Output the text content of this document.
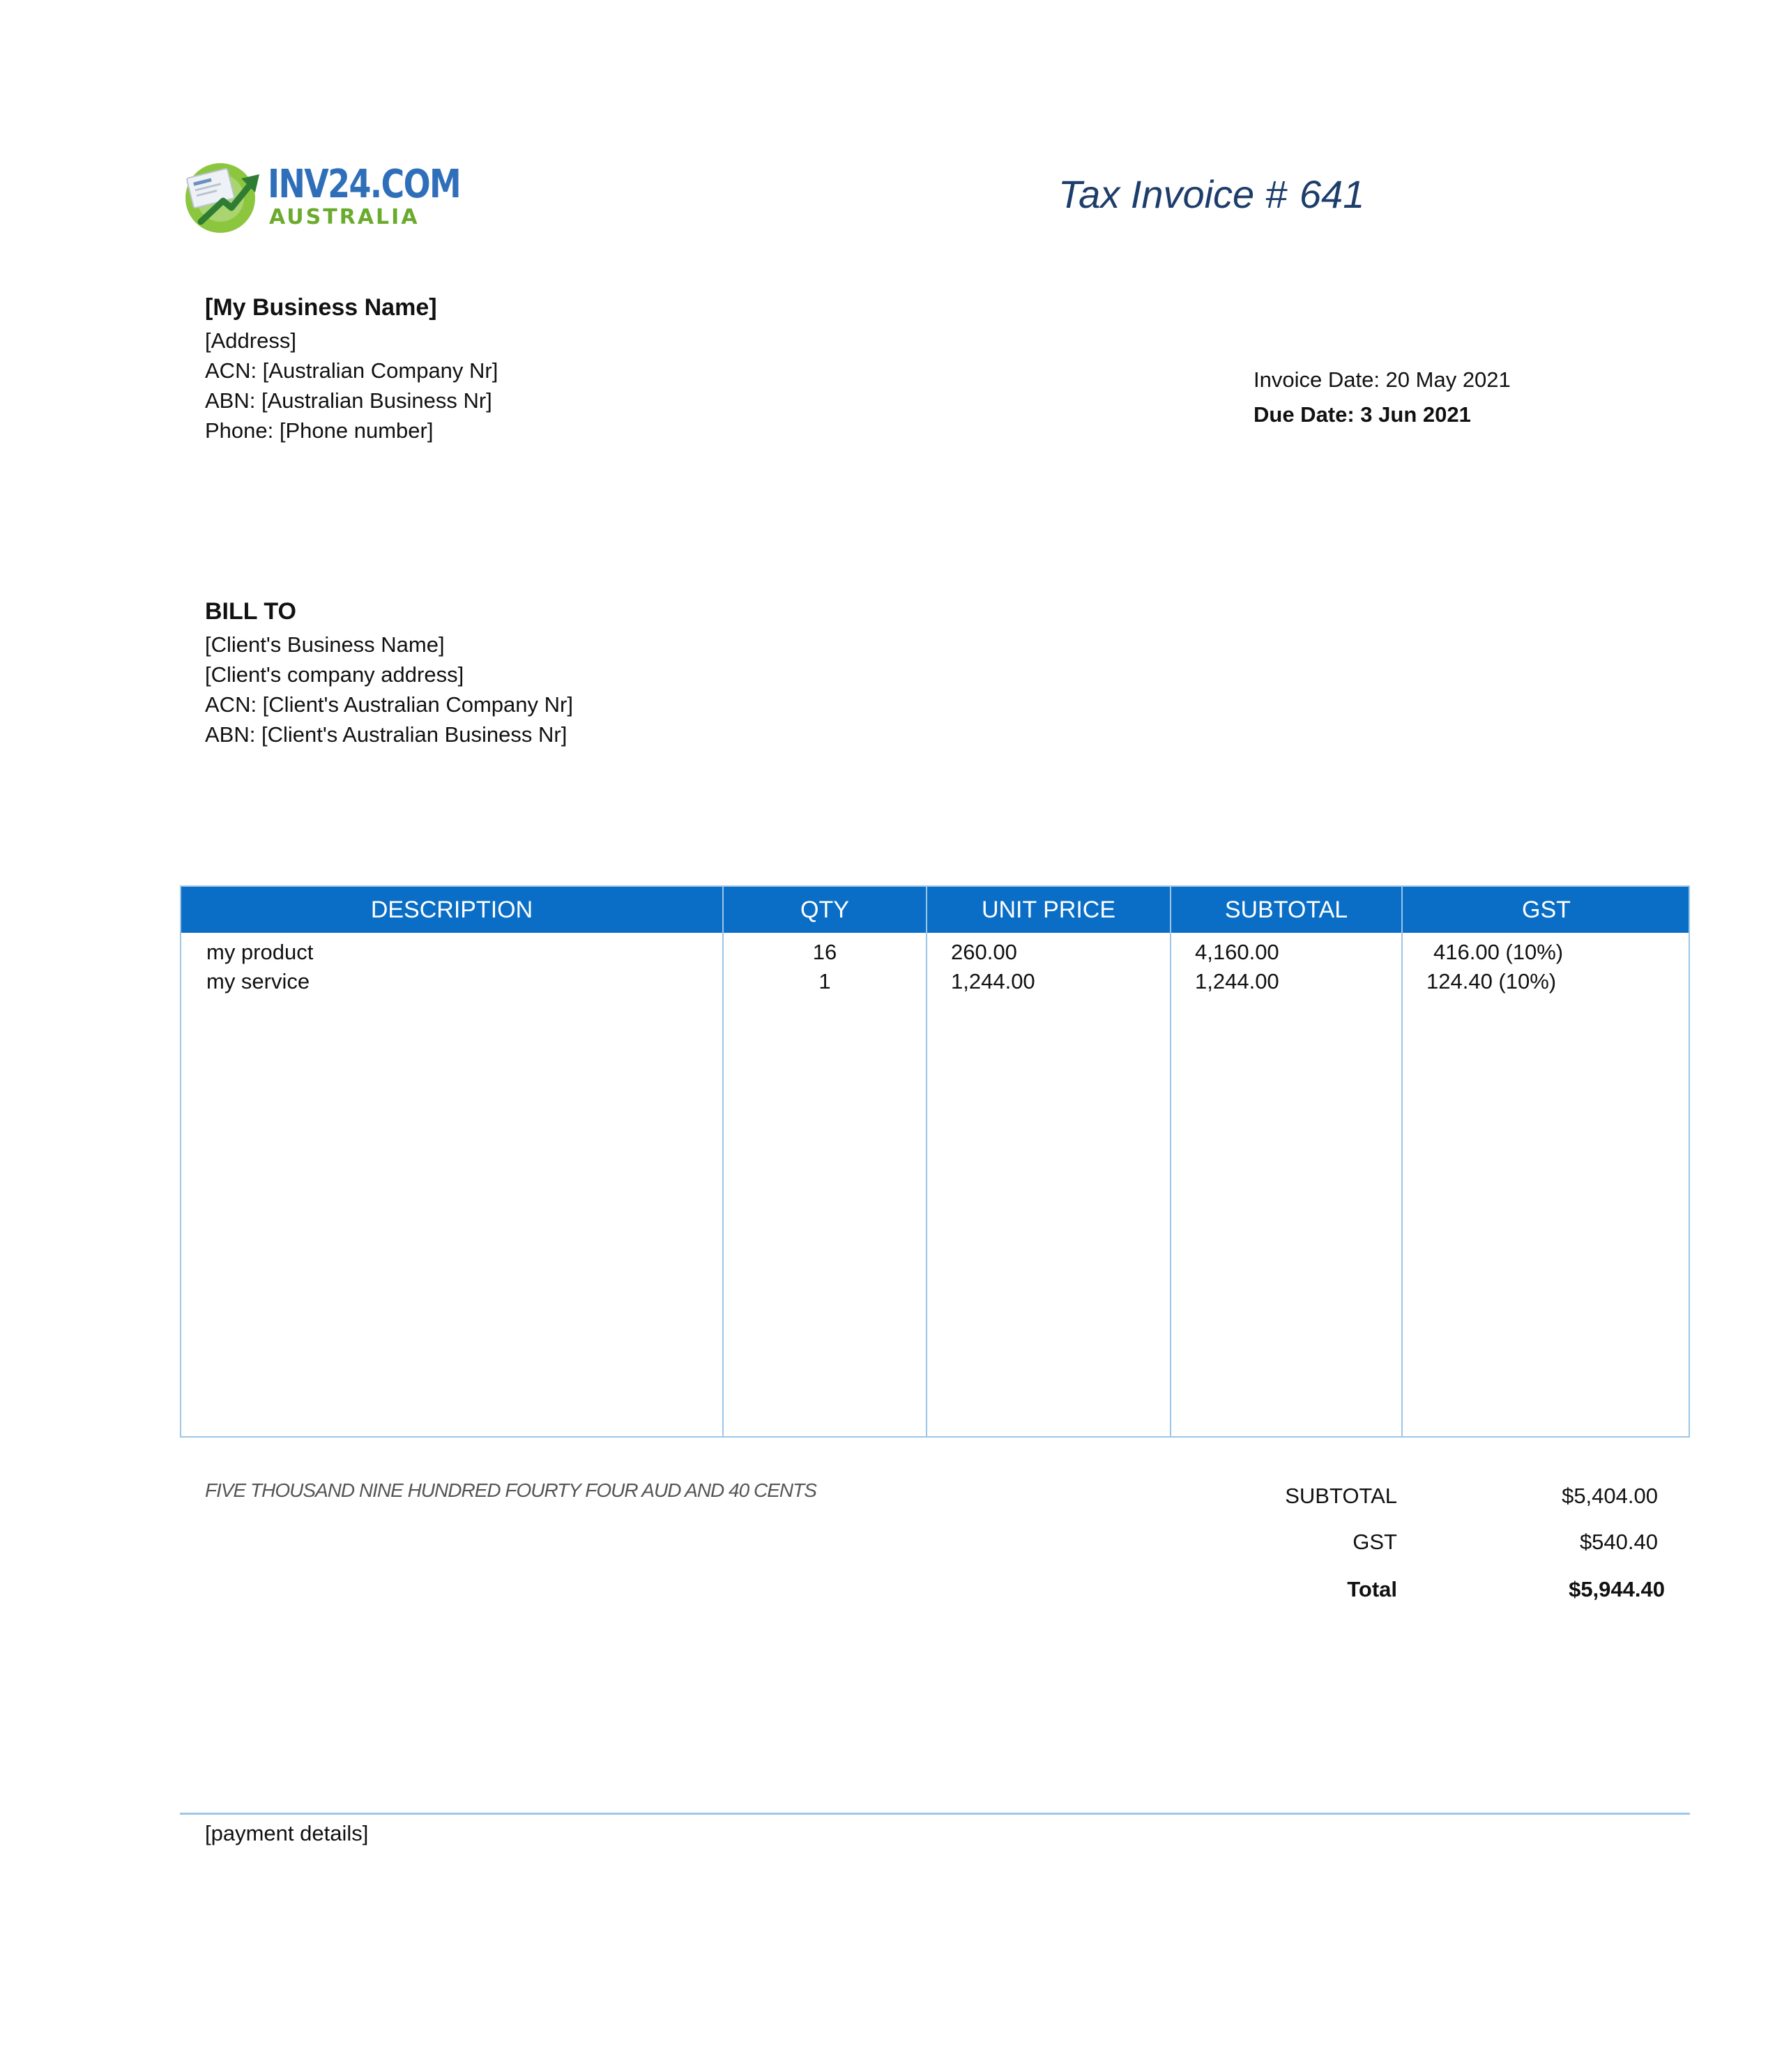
INV24.COM
AUSTRALIA
Tax Invoice # 641
[My Business Name]
[Address]
ACN: [Australian Company Nr]
ABN: [Australian Business Nr]
Phone: [Phone number]
Invoice Date: 20 May 2021
Due Date: 3 Jun 2021
BILL TO
[Client's Business Name]
[Client's company address]
ACN: [Client's Australian Company Nr]
ABN: [Client's Australian Business Nr]
DESCRIPTION	QTY	UNIT PRICE	SUBTOTAL	GST
my product	16	260.00	4,160.00	416.00 (10%)
my service	1	1,244.00	1,244.00	124.40 (10%)
FIVE THOUSAND NINE HUNDRED FOURTY FOUR AUD AND 40 CENTS	SUBTOTAL	$5,404.00
GST	$540.40
Total	$5,944.40
[payment details]
